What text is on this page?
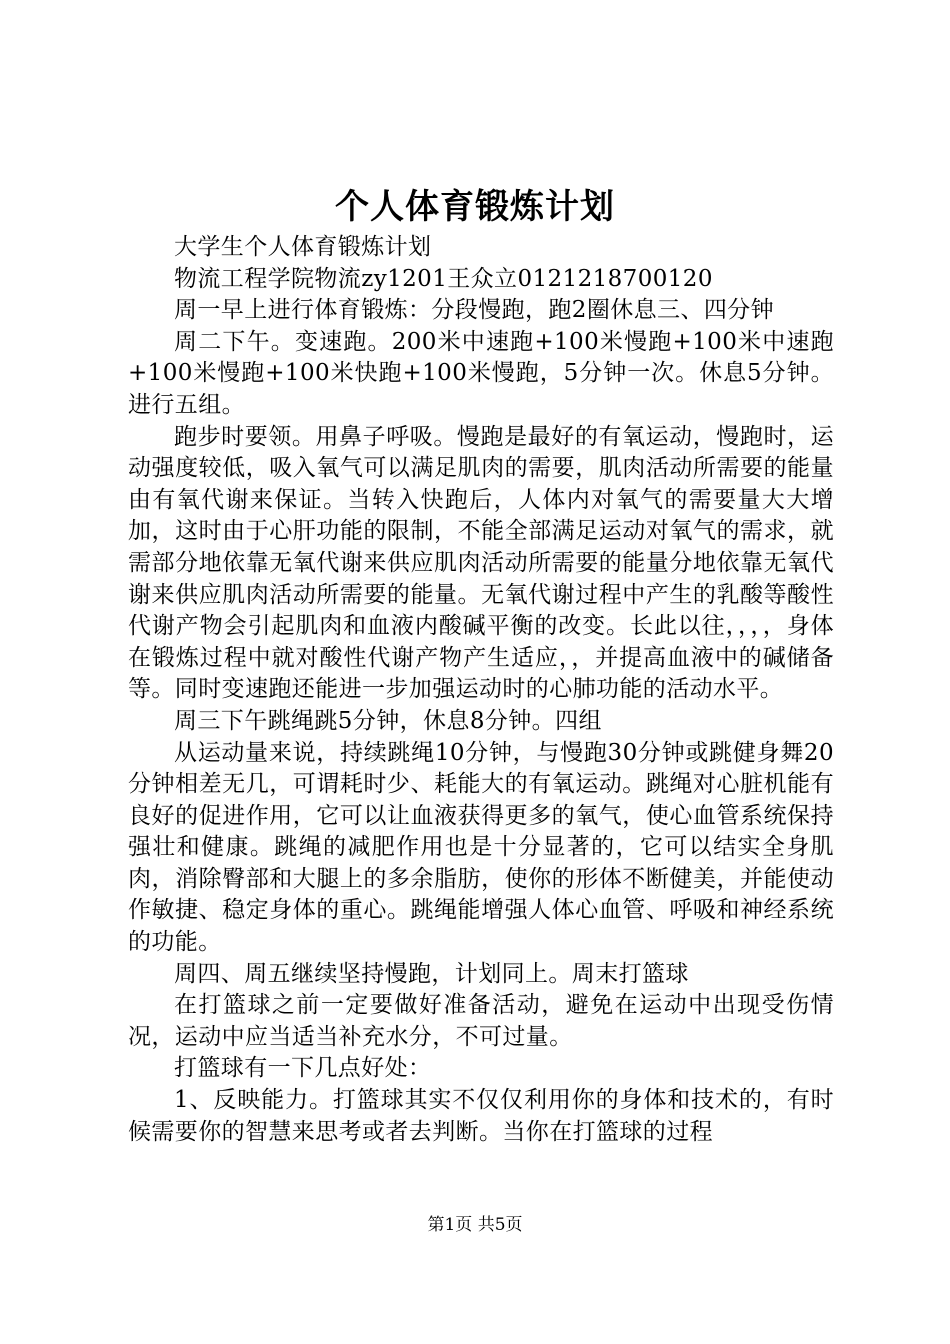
个人体育锻炼计划

大学生个人体育锻炼计划

物流工程学院物流zy1201王众立0121218700120

周一早上进行体育锻炼：分段慢跑，跑2圈休息三、四分钟

周二下午。变速跑。200米中速跑+100米慢跑+100米中速跑+100米慢跑+100米快跑+100米慢跑，5分钟一次。休息5分钟。进行五组。

跑步时要领。用鼻子呼吸。慢跑是最好的有氧运动，慢跑时，运动强度较低，吸入氧气可以满足肌肉的需要，肌肉活动所需要的能量由有氧代谢来保证。当转入快跑后，人体内对氧气的需要量大大增加，这时由于心肝功能的限制，不能全部满足运动对氧气的需求，就需部分地依靠无氧代谢来供应肌肉活动所需要的能量分地依靠无氧代谢来供应肌肉活动所需要的能量。无氧代谢过程中产生的乳酸等酸性代谢产物会引起肌肉和血液内酸碱平衡的改变。长此以往，，，，身体在锻炼过程中就对酸性代谢产物产生适应，，并提高血液中的碱储备等。同时变速跑还能进一步加强运动时的心肺功能的活动水平。

周三下午跳绳跳5分钟，休息8分钟。四组

从运动量来说，持续跳绳10分钟，与慢跑30分钟或跳健身舞20分钟相差无几，可谓耗时少、耗能大的有氧运动。跳绳对心脏机能有良好的促进作用，它可以让血液获得更多的氧气，使心血管系统保持强壮和健康。跳绳的减肥作用也是十分显著的，它可以结实全身肌肉，消除臀部和大腿上的多余脂肪，使你的形体不断健美，并能使动作敏捷、稳定身体的重心。跳绳能增强人体心血管、呼吸和神经系统的功能。

周四、周五继续坚持慢跑，计划同上。周末打篮球

在打篮球之前一定要做好准备活动，避免在运动中出现受伤情况，运动中应当适当补充水分，不可过量。

打篮球有一下几点好处：

1、反映能力。打篮球其实不仅仅利用你的身体和技术的，有时候需要你的智慧来思考或者去判断。当你在打篮球的过程

第1页 共5页
